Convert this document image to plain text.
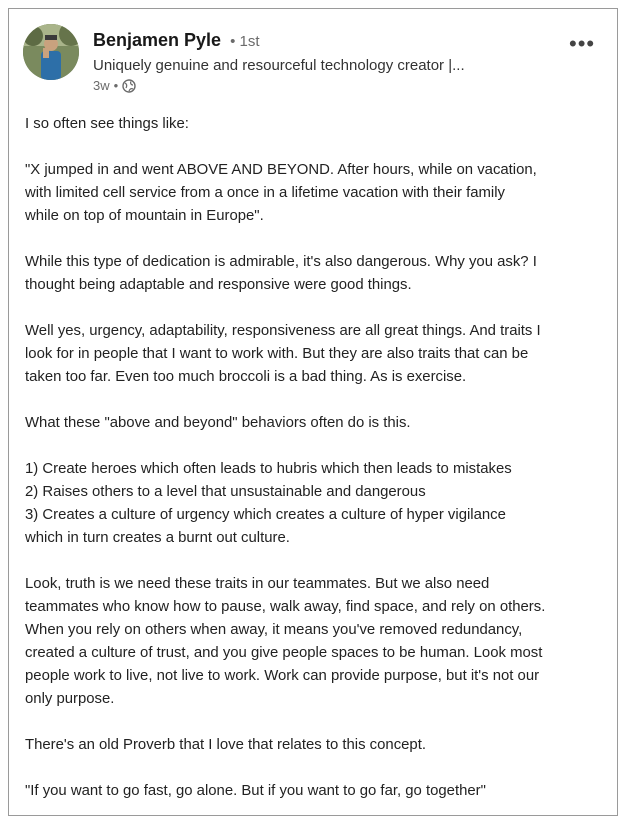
Benjamen Pyle • 1st
Uniquely genuine and resourceful technology creator |...
3w •
•••

I so often see things like:

"X jumped in and went ABOVE AND BEYOND. After hours, while on vacation,

with limited cell service from a once in a lifetime vacation with their family

while on top of mountain in Europe".

While this type of dedication is admirable, it's also dangerous. Why you ask? I

thought being adaptable and responsive were good things.

Well yes, urgency, adaptability, responsiveness are all great things. And traits I

look for in people that I want to work with. But they are also traits that can be

taken too far. Even too much broccoli is a bad thing. As is exercise.

What these "above and beyond" behaviors often do is this.

1) Create heroes which often leads to hubris which then leads to mistakes

2) Raises others to a level that unsustainable and dangerous

3) Creates a culture of urgency which creates a culture of hyper vigilance

which in turn creates a burnt out culture.

Look, truth is we need these traits in our teammates. But we also need

teammates who know how to pause, walk away, find space, and rely on others.

When you rely on others when away, it means you've removed redundancy,

created a culture of trust, and you give people spaces to be human. Look most

people work to live, not live to work. Work can provide purpose, but it's not our

only purpose.

There's an old Proverb that I love that relates to this concept.

"If you want to go fast, go alone. But if you want to go far, go together"
